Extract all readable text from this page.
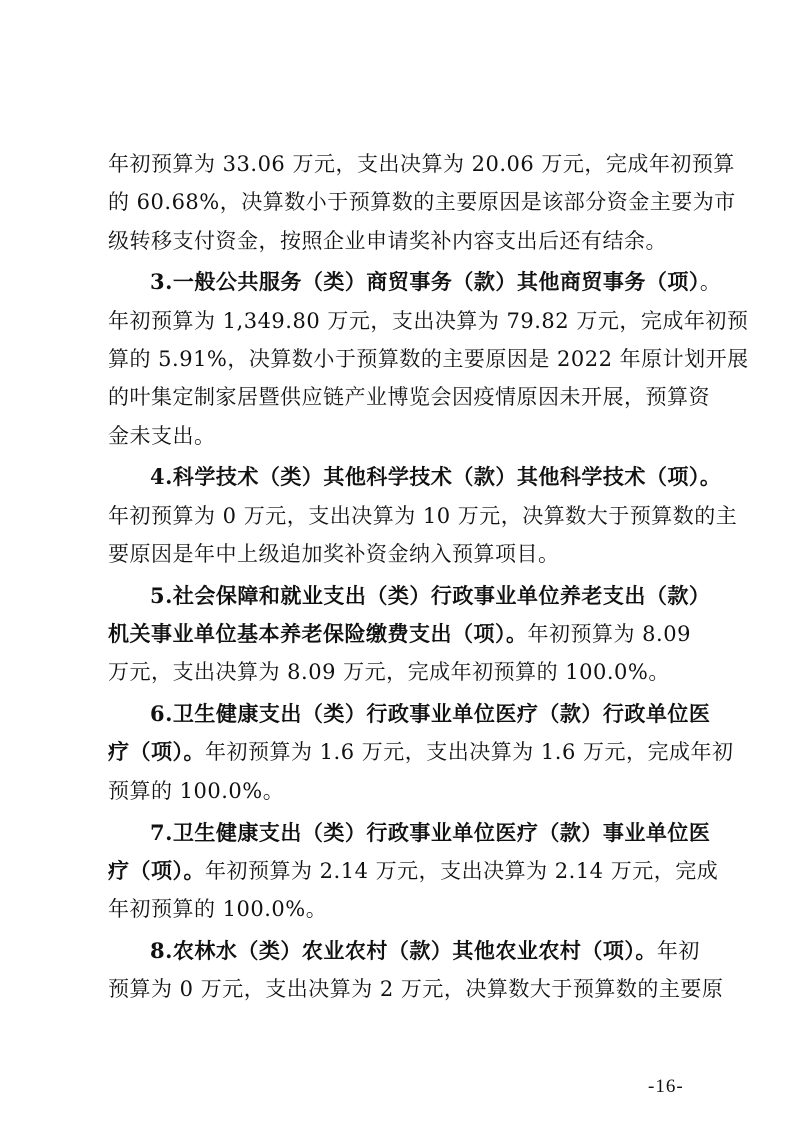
年初预算为 33.06 万元，支出决算为 20.06 万元，完成年初预算
的 60.68%，决算数小于预算数的主要原因是该部分资金主要为市
级转移支付资金，按照企业申请奖补内容支出后还有结余。
3.一般公共服务（类）商贸事务（款）其他商贸事务（项）。
年初预算为 1,349.80 万元，支出决算为 79.82 万元，完成年初预
算的 5.91%，决算数小于预算数的主要原因是 2022 年原计划开展
的叶集定制家居暨供应链产业博览会因疫情原因未开展，预算资
金未支出。
4.科学技术（类）其他科学技术（款）其他科学技术（项）。
年初预算为 0 万元，支出决算为 10 万元，决算数大于预算数的主
要原因是年中上级追加奖补资金纳入预算项目。
5.社会保障和就业支出（类）行政事业单位养老支出（款）
机关事业单位基本养老保险缴费支出（项）。年初预算为 8.09
万元，支出决算为 8.09 万元，完成年初预算的 100.0%。
6.卫生健康支出（类）行政事业单位医疗（款）行政单位医
疗（项）。年初预算为 1.6 万元，支出决算为 1.6 万元，完成年初
预算的 100.0%。
7.卫生健康支出（类）行政事业单位医疗（款）事业单位医
疗（项）。年初预算为 2.14 万元，支出决算为 2.14 万元，完成
年初预算的 100.0%。
8.农林水（类）农业农村（款）其他农业农村（项）。年初
预算为 0 万元，支出决算为 2 万元，决算数大于预算数的主要原
-16-
